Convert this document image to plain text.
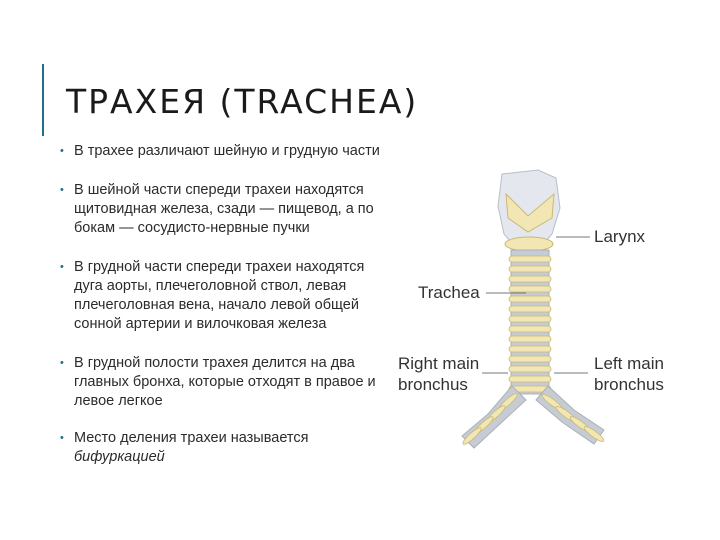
ТРАХЕЯ (TRACHEA)
• В трахее различают шейную и грудную части
• В шейной части спереди трахеи находятся щитовидная железа, сзади — пищевод, а по бокам — сосудисто-нервные пучки
• В грудной части спереди трахеи находятся дуга аорты, плечеголовной ствол, левая плечеголовная вена, начало левой общей сонной артерии и вилочковая железа
• В грудной полости трахея делится на два главных бронха, которые отходят в правое и левое легкое
• Место деления трахеи называется бифуркацией
Larynx
Trachea
Right main
bronchus
Left main
bronchus
